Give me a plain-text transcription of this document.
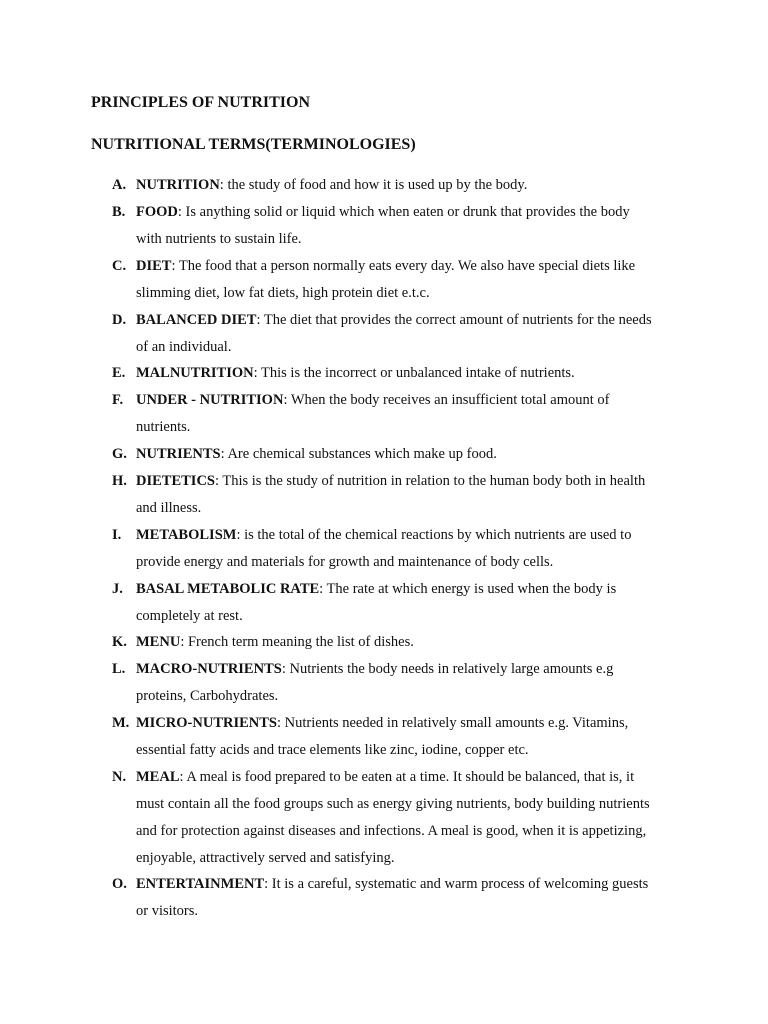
PRINCIPLES OF NUTRITION
NUTRITIONAL TERMS(TERMINOLOGIES)
A. NUTRITION: the study of food and how it is used up by the body.
B. FOOD: Is anything solid or liquid which when eaten or drunk that provides the body
with nutrients to sustain life.
C. DIET: The food that a person normally eats every day. We also have special diets like
slimming diet, low fat diets, high protein diet e.t.c.
D. BALANCED DIET: The diet that provides the correct amount of nutrients for the needs
of an individual.
E. MALNUTRITION: This is the incorrect or unbalanced intake of nutrients.
F. UNDER - NUTRITION: When the body receives an insufficient total amount of
nutrients.
G. NUTRIENTS: Are chemical substances which make up food.
H. DIETETICS: This is the study of nutrition in relation to the human body both in health
and illness.
I. METABOLISM: is the total of the chemical reactions by which nutrients are used to
provide energy and materials for growth and maintenance of body cells.
J. BASAL METABOLIC RATE: The rate at which energy is used when the body is
completely at rest.
K. MENU: French term meaning the list of dishes.
L. MACRO-NUTRIENTS: Nutrients the body needs in relatively large amounts e.g
proteins, Carbohydrates.
M. MICRO-NUTRIENTS: Nutrients needed in relatively small amounts e.g. Vitamins,
essential fatty acids and trace elements like zinc, iodine, copper etc.
N. MEAL: A meal is food prepared to be eaten at a time. It should be balanced, that is, it
must contain all the food groups such as energy giving nutrients, body building nutrients
and for protection against diseases and infections. A meal is good, when it is appetizing,
enjoyable, attractively served and satisfying.
O. ENTERTAINMENT: It is a careful, systematic and warm process of welcoming guests
or visitors.
